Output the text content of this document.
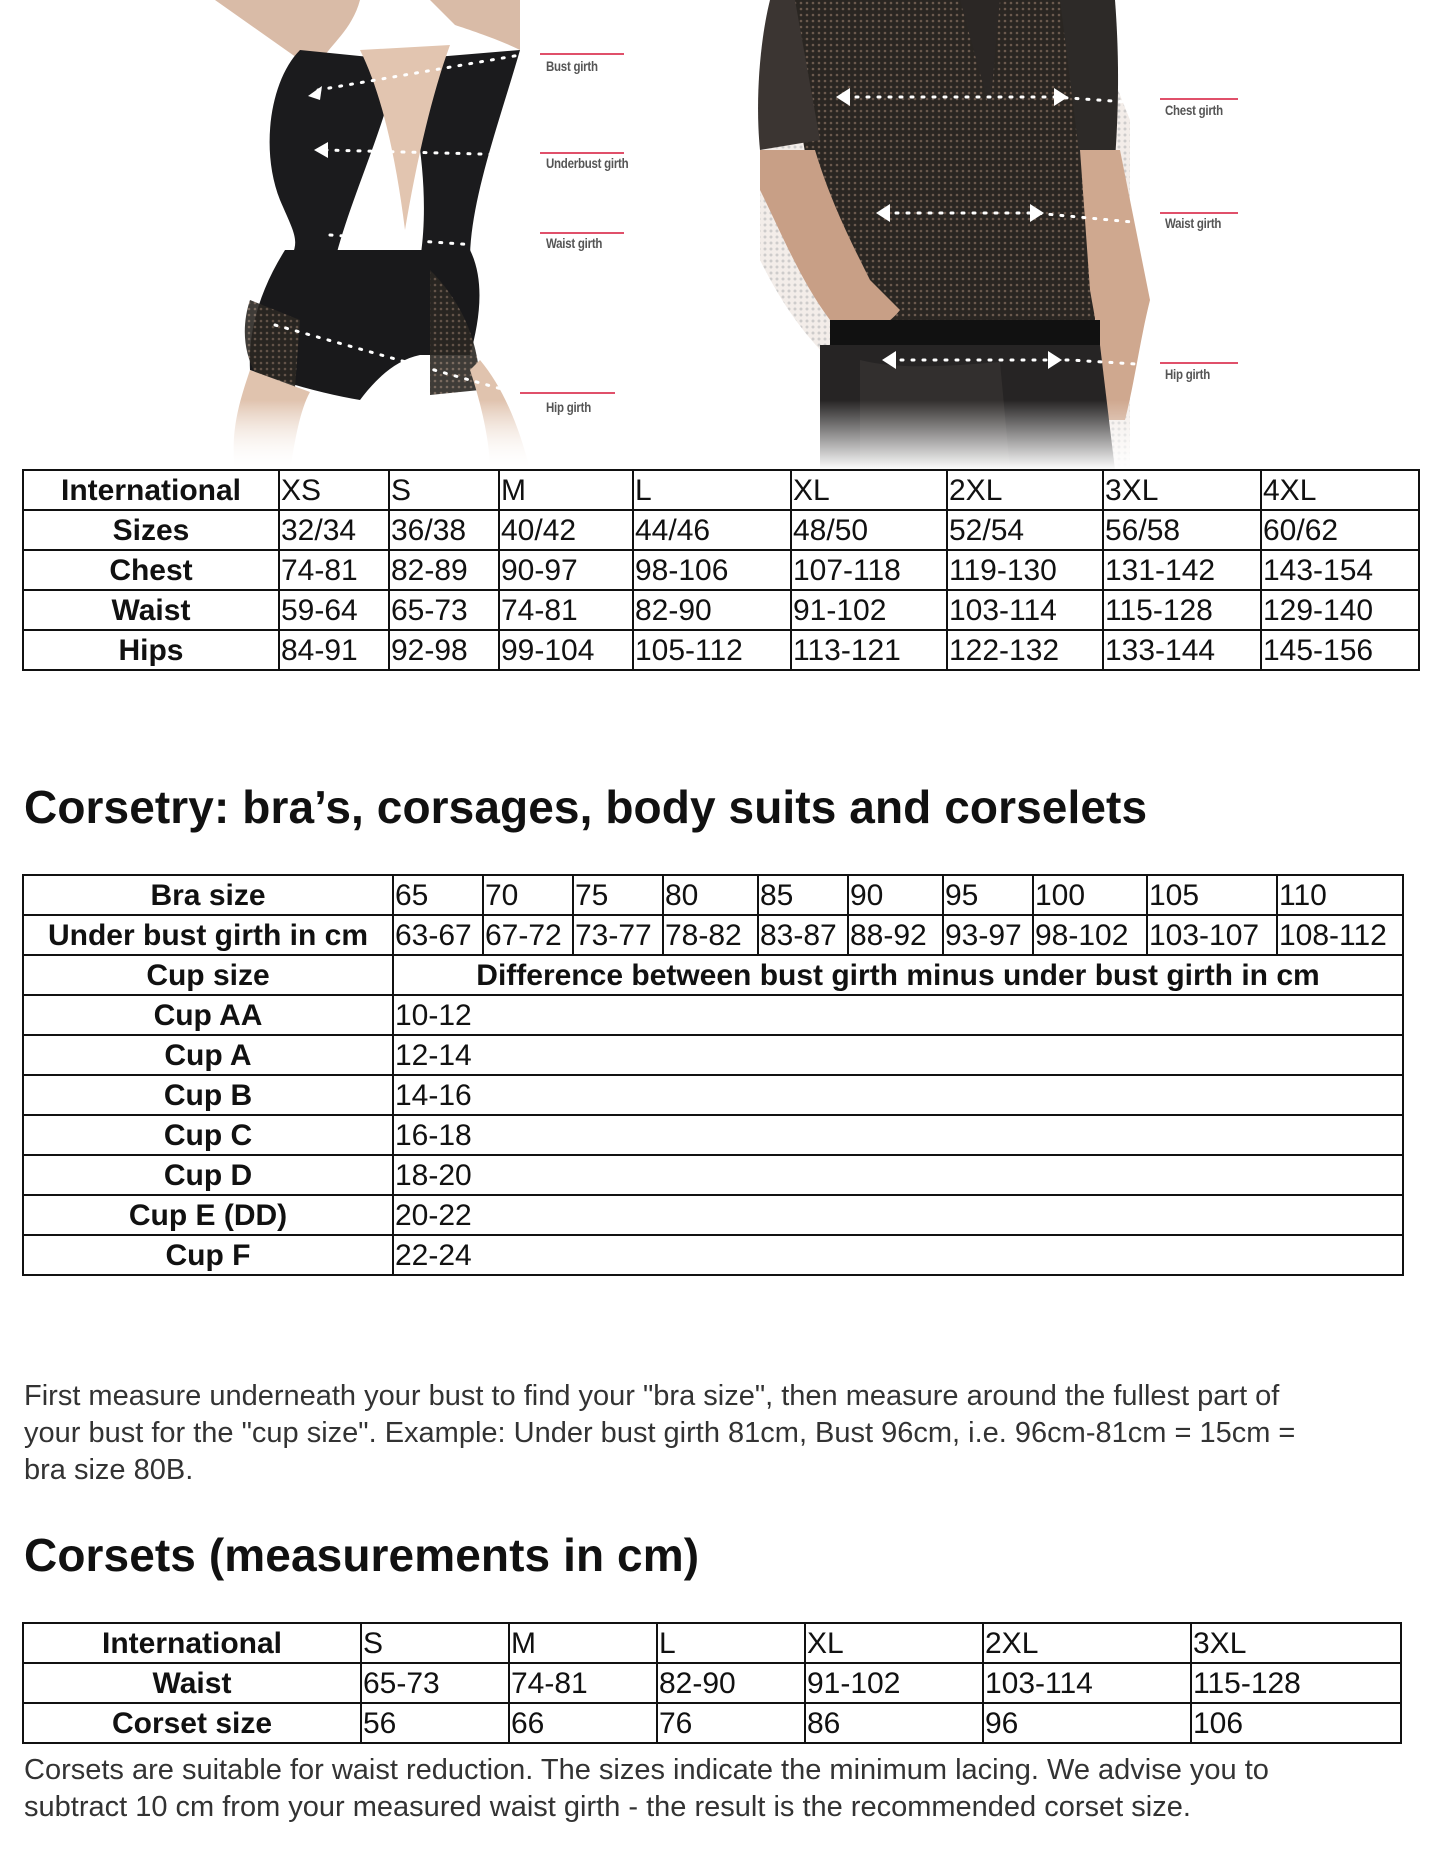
Bust girth
Underbust girth
Waist girth
Hip girth
Chest girth
Waist girth
Hip girth
International	XS	S	M	L	XL	2XL	3XL	4XL
Sizes	32/34	36/38	40/42	44/46	48/50	52/54	56/58	60/62
Chest	74-81	82-89	90-97	98-106	107-118	119-130	131-142	143-154
Waist	59-64	65-73	74-81	82-90	91-102	103-114	115-128	129-140
Hips	84-91	92-98	99-104	105-112	113-121	122-132	133-144	145-156
Corsetry: bra’s, corsages, body suits and corselets
Bra size	65	70	75	80	85	90	95	100	105	110
Under bust girth in cm	63-67	67-72	73-77	78-82	83-87	88-92	93-97	98-102	103-107	108-112
Cup size	Difference between bust girth minus under bust girth in cm									
Cup AA	10-12									
Cup A	12-14									
Cup B	14-16									
Cup C	16-18									
Cup D	18-20									
Cup E (DD)	20-22									
Cup F	22-24									

First measure underneath your bust to find your "bra size", then measure around the fullest part of your bust for the "cup size". Example: Under bust girth 81cm, Bust 96cm, i.e. 96cm-81cm = 15cm = bra size 80B.

Corsets (measurements in cm)
International	S	M	L	XL	2XL	3XL
Waist	65-73	74-81	82-90	91-102	103-114	115-128
Corset size	56	66	76	86	96	106

Corsets are suitable for waist reduction. The sizes indicate the minimum lacing. We advise you to subtract 10 cm from your measured waist girth - the result is the recommended corset size.
